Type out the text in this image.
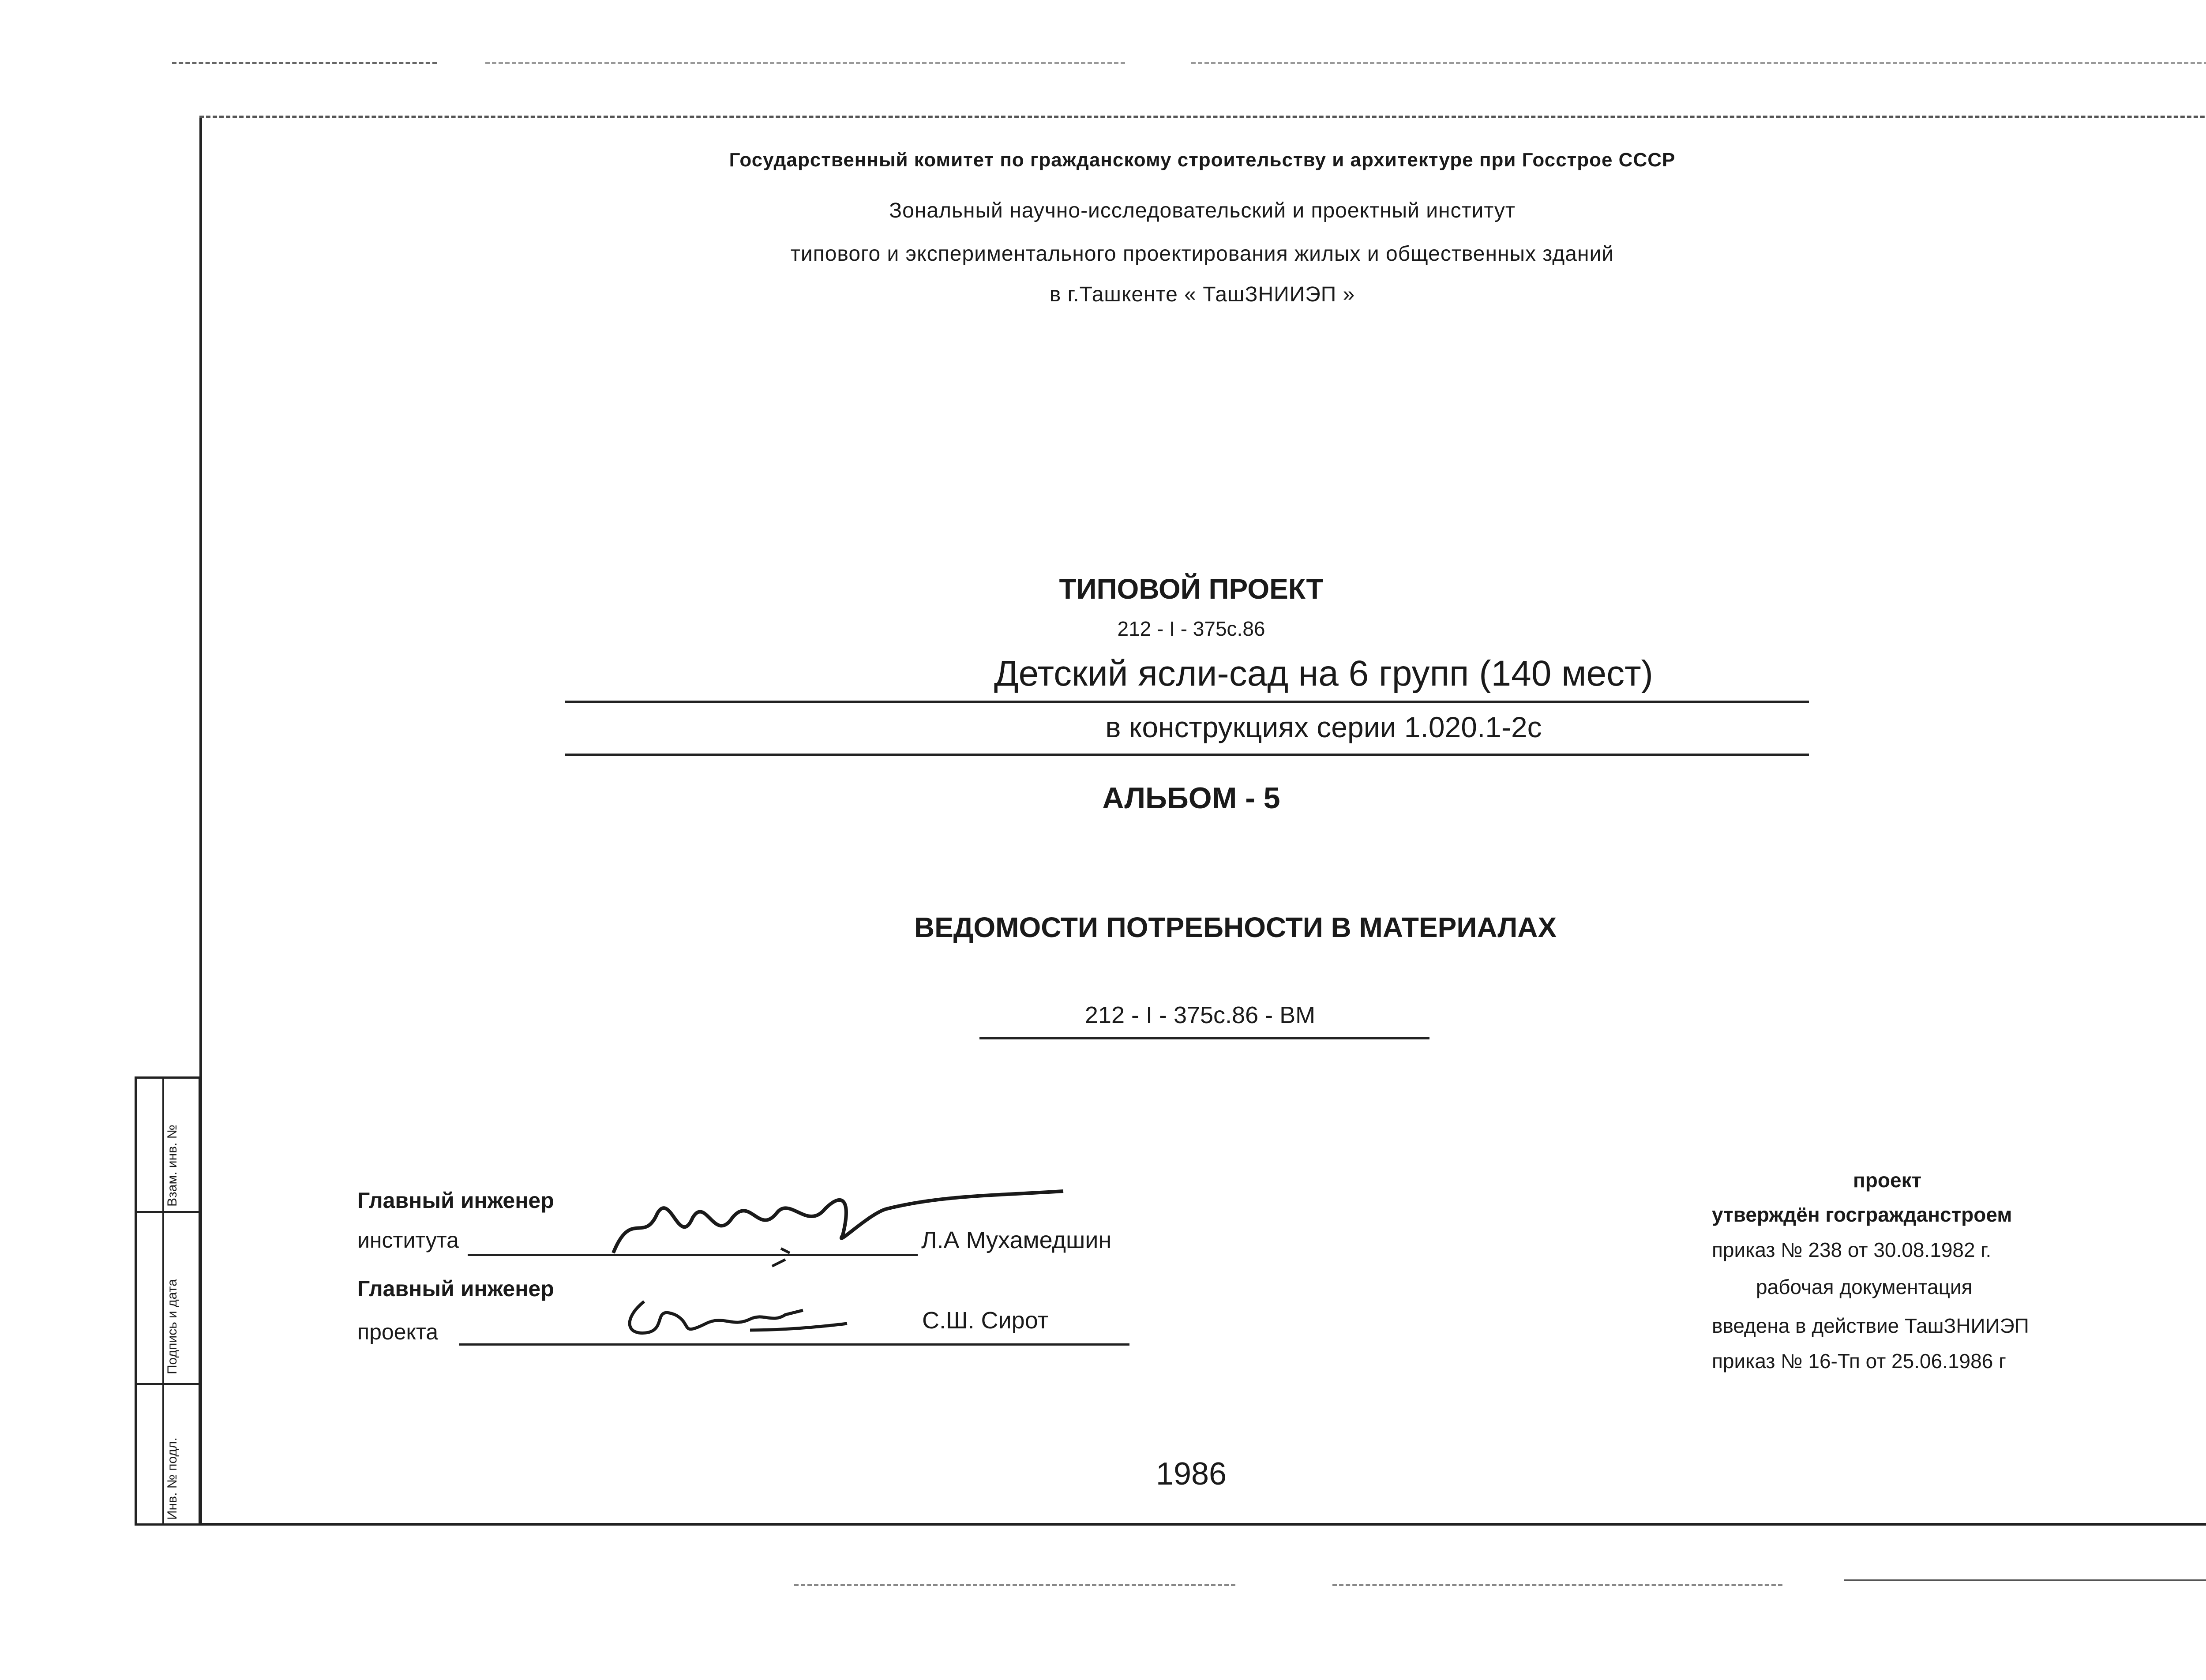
Взам. инв. №
Подпись и дата
Инв. № подл.
Государственный комитет по гражданскому строительству и архитектуре при Госстрое СССР
Зональный научно-исследовательский и проектный институт
типового и экспериментального проектирования жилых и общественных зданий
в г.Ташкенте « ТашЗНИИЭП »
ТИПОВОЙ ПРОЕКТ
212 - I - 375с.86
Детский ясли-сад на 6 групп (140 мест)
в конструкциях серии 1.020.1-2с
АЛЬБОМ - 5
ВЕДОМОСТИ ПОТРЕБНОСТИ В МАТЕРИАЛАХ
212 - I - 375с.86 - ВМ
Главный инженер
института	Л.А Мухамедшин
Главный инженер
проекта	С.Ш. Сирот
проект
утверждён госгражданстроем
приказ № 238 от 30.08.1982 г.
рабочая документация
введена в действие ТашЗНИИЭП
приказ № 16-Тп от 25.06.1986 г
1986
